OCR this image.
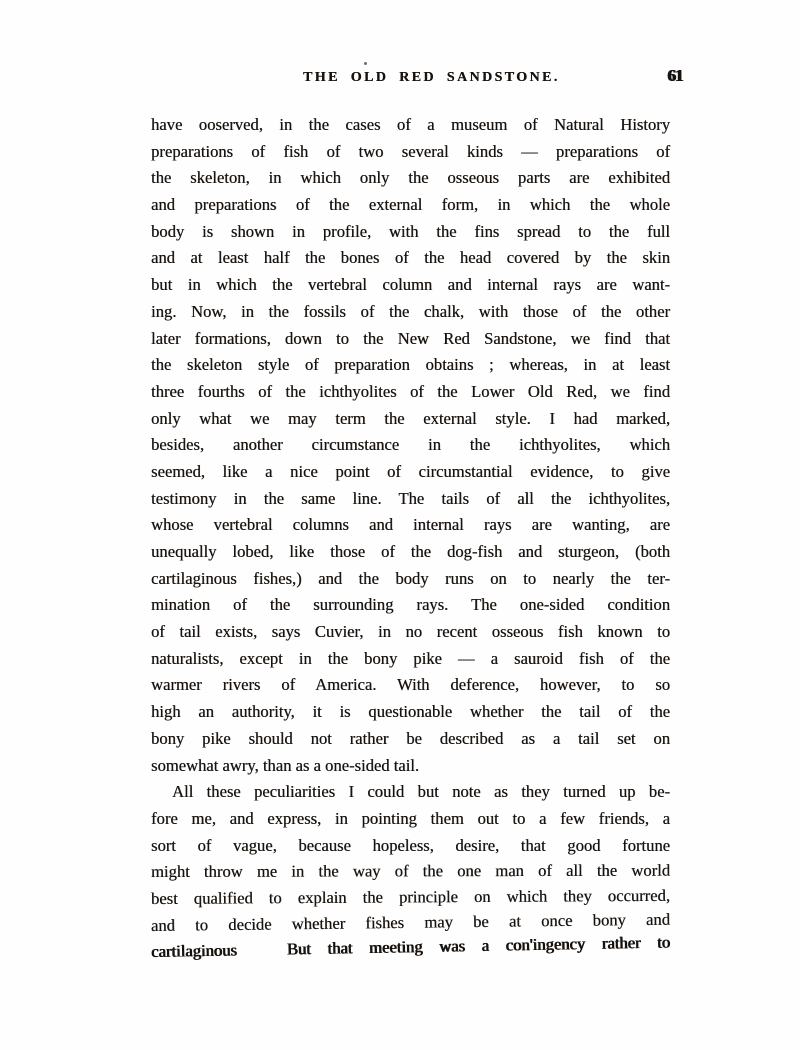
THE OLD RED SANDSTONE.	61
have ooserved, in the cases of a museum of Natural History
preparations of fish of two several kinds — preparations of
the skeleton, in which only the osseous parts are exhibited
and preparations of the external form, in which the whole
body is shown in profile, with the fins spread to the full
and at least half the bones of the head covered by the skin
but in which the vertebral column and internal rays are want-
ing. Now, in the fossils of the chalk, with those of the other
later formations, down to the New Red Sandstone, we find that
the skeleton style of preparation obtains ; whereas, in at least
three fourths of the ichthyolites of the Lower Old Red, we find
only what we may term the external style. I had marked,
besides, another circumstance in the ichthyolites, which
seemed, like a nice point of circumstantial evidence, to give
testimony in the same line. The tails of all the ichthyolites,
whose vertebral columns and internal rays are wanting, are
unequally lobed, like those of the dog-fish and sturgeon, (both
cartilaginous fishes,) and the body runs on to nearly the ter-
mination of the surrounding rays. The one-sided condition
of tail exists, says Cuvier, in no recent osseous fish known to
naturalists, except in the bony pike — a sauroid fish of the
warmer rivers of America. With deference, however, to so
high an authority, it is questionable whether the tail of the
bony pike should not rather be described as a tail set on
somewhat awry, than as a one-sided tail.
All these peculiarities I could but note as they turned up be-
fore me, and express, in pointing them out to a few friends, a
sort of vague, because hopeless, desire, that good fortune
might throw me in the way of the one man of all the world
best qualified to explain the principle on which they occurred,
and to decide whether fishes may be at once bony and
cartilaginous   But that meeting was a con'ingency rather to
